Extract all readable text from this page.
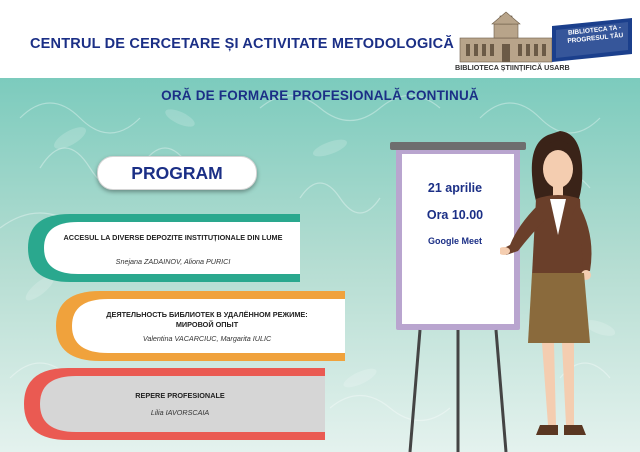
CENTRUL DE CERCETARE ȘI ACTIVITATE METODOLOGICĂ
BIBLIOTECA ȘTIINȚIFICĂ USARB
BIBLIOTECA TA - PROGRESUL TĂU
ORĂ DE FORMARE PROFESIONALĂ CONTINUĂ
PROGRAM
ACCESUL LA DIVERSE DEPOZITE INSTITUȚIONALE DIN LUME
Snejana ZADAINOV, Aliona PURICI
ДЕЯТЕЛЬНОСТЬ БИБЛИОТЕК В УДАЛЁННОМ РЕЖИМЕ: МИРОВОЙ ОПЫТ
Valentina VACARCIUC, Margarita IULIC
REPERE PROFESIONALE
Lilia IAVORSCAIA
21 aprilie
Ora 10.00
Google Meet
